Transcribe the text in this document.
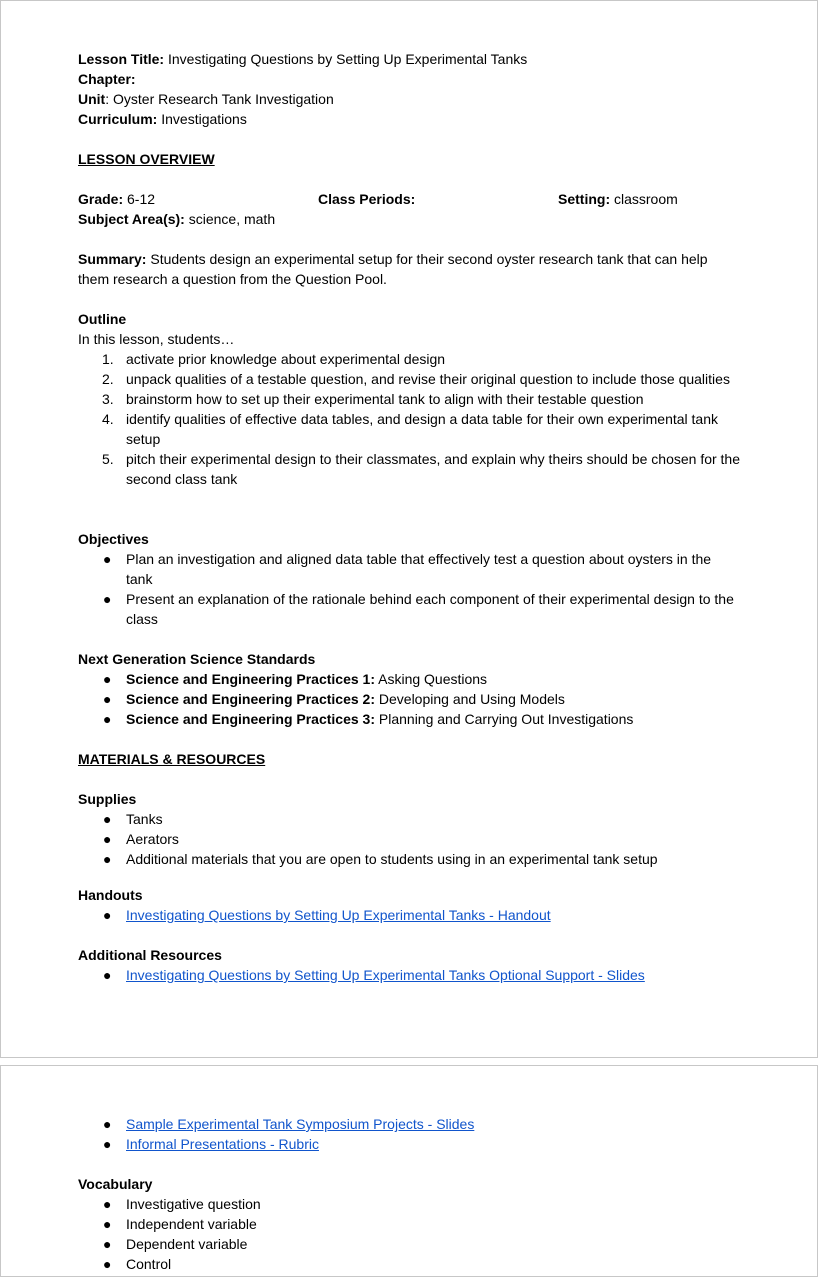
Lesson Title: Investigating Questions by Setting Up Experimental Tanks
Chapter:
Unit: Oyster Research Tank Investigation
Curriculum: Investigations
LESSON OVERVIEW
Grade: 6-12	Class Periods:	Setting: classroom
Subject Area(s): science, math
Summary: Students design an experimental setup for their second oyster research tank that can help them research a question from the Question Pool.
Outline
In this lesson, students…
1. activate prior knowledge about experimental design
2. unpack qualities of a testable question, and revise their original question to include those qualities
3. brainstorm how to set up their experimental tank to align with their testable question
4. identify qualities of effective data tables, and design a data table for their own experimental tank setup
5. pitch their experimental design to their classmates, and explain why theirs should be chosen for the second class tank
Objectives
●	Plan an investigation and aligned data table that effectively test a question about oysters in the tank
●	Present an explanation of the rationale behind each component of their experimental design to the class
Next Generation Science Standards
●	Science and Engineering Practices 1: Asking Questions
●	Science and Engineering Practices 2: Developing and Using Models
●	Science and Engineering Practices 3: Planning and Carrying Out Investigations
MATERIALS & RESOURCES
Supplies
●	Tanks
●	Aerators
●	Additional materials that you are open to students using in an experimental tank setup
Handouts
●	Investigating Questions by Setting Up Experimental Tanks - Handout
Additional Resources
●	Investigating Questions by Setting Up Experimental Tanks Optional Support - Slides
●	Sample Experimental Tank Symposium Projects - Slides
●	Informal Presentations - Rubric
Vocabulary
●	Investigative question
●	Independent variable
●	Dependent variable
●	Control
